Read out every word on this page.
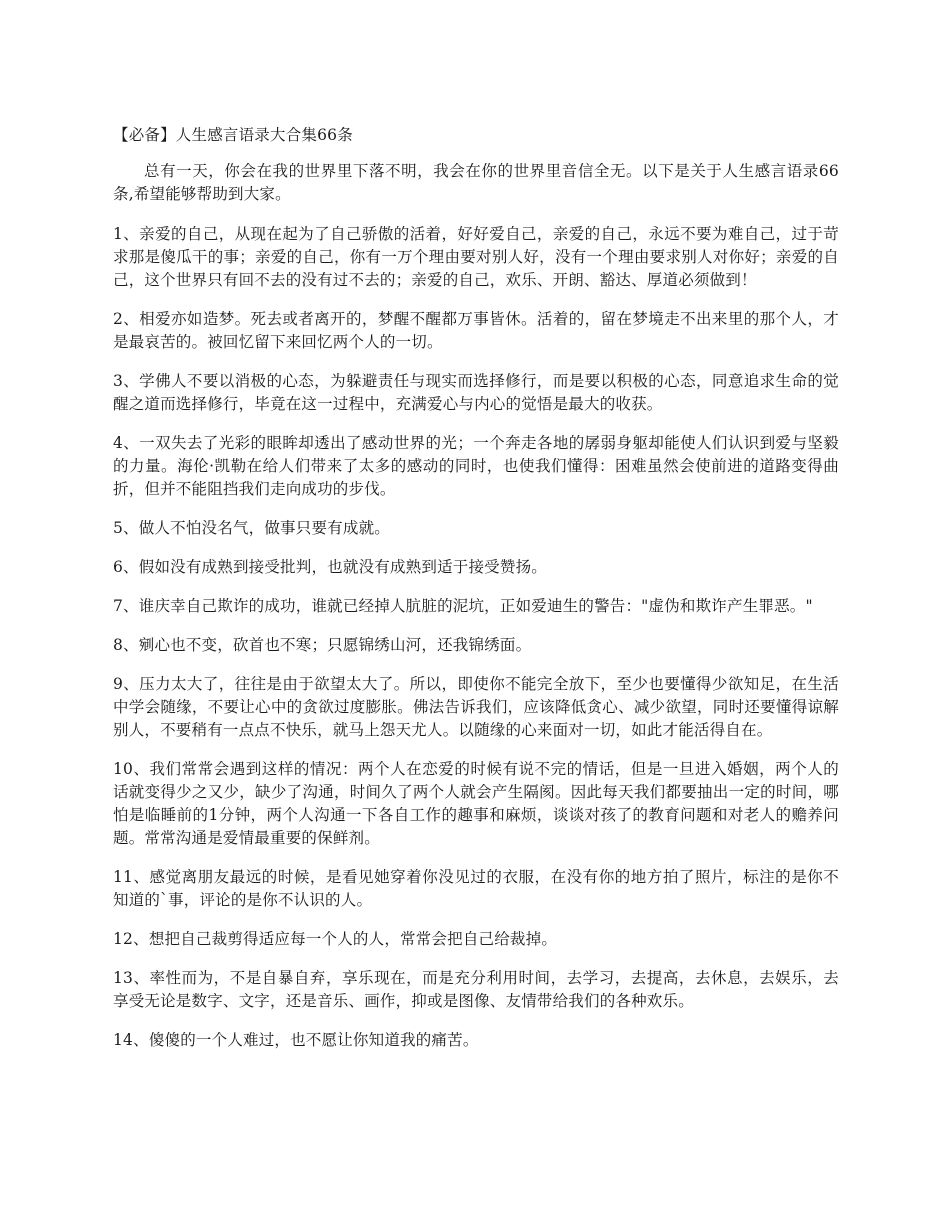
【必备】人生感言语录大合集66条

总有一天，你会在我的世界里下落不明，我会在你的世界里音信全无。以下是关于人生感言语录66条,希望能够帮助到大家。

1、亲爱的自己，从现在起为了自己骄傲的活着，好好爱自己，亲爱的自己，永远不要为难自己，过于苛求那是傻瓜干的事；亲爱的自己，你有一万个理由要对别人好，没有一个理由要求别人对你好；亲爱的自己，这个世界只有回不去的没有过不去的；亲爱的自己，欢乐、开朗、豁达、厚道必须做到！

2、相爱亦如造梦。死去或者离开的，梦醒不醒都万事皆休。活着的，留在梦境走不出来里的那个人，才是最哀苦的。被回忆留下来回忆两个人的一切。

3、学佛人不要以消极的心态，为躲避责任与现实而选择修行，而是要以积极的心态，同意追求生命的觉醒之道而选择修行，毕竟在这一过程中，充满爱心与内心的觉悟是最大的收获。

4、一双失去了光彩的眼眸却透出了感动世界的光；一个奔走各地的孱弱身躯却能使人们认识到爱与坚毅的力量。海伦·凯勒在给人们带来了太多的感动的同时，也使我们懂得：困难虽然会使前进的道路变得曲折，但并不能阻挡我们走向成功的步伐。

5、做人不怕没名气，做事只要有成就。

6、假如没有成熟到接受批判，也就没有成熟到适于接受赞扬。

7、谁庆幸自己欺诈的成功，谁就已经掉人肮脏的泥坑，正如爱迪生的警告："虚伪和欺诈产生罪恶。"

8、剜心也不变，砍首也不寒；只愿锦绣山河，还我锦绣面。

9、压力太大了，往往是由于欲望太大了。所以，即使你不能完全放下，至少也要懂得少欲知足，在生活中学会随缘，不要让心中的贪欲过度膨胀。佛法告诉我们，应该降低贪心、减少欲望，同时还要懂得谅解别人，不要稍有一点点不快乐，就马上怨天尤人。以随缘的心来面对一切，如此才能活得自在。

10、我们常常会遇到这样的情况：两个人在恋爱的时候有说不完的情话，但是一旦进入婚姻，两个人的话就变得少之又少，缺少了沟通，时间久了两个人就会产生隔阂。因此每天我们都要抽出一定的时间，哪怕是临睡前的1分钟，两个人沟通一下各自工作的趣事和麻烦，谈谈对孩了的教育问题和对老人的赡养问题。常常沟通是爱情最重要的保鲜剂。

11、感觉离朋友最远的时候，是看见她穿着你没见过的衣服，在没有你的地方拍了照片，标注的是你不知道的`事，评论的是你不认识的人。

12、想把自己裁剪得适应每一个人的人，常常会把自己给裁掉。

13、率性而为，不是自暴自弃，享乐现在，而是充分利用时间，去学习，去提高，去休息，去娱乐，去享受无论是数字、文字，还是音乐、画作，抑或是图像、友情带给我们的各种欢乐。

14、傻傻的一个人难过，也不愿让你知道我的痛苦。
